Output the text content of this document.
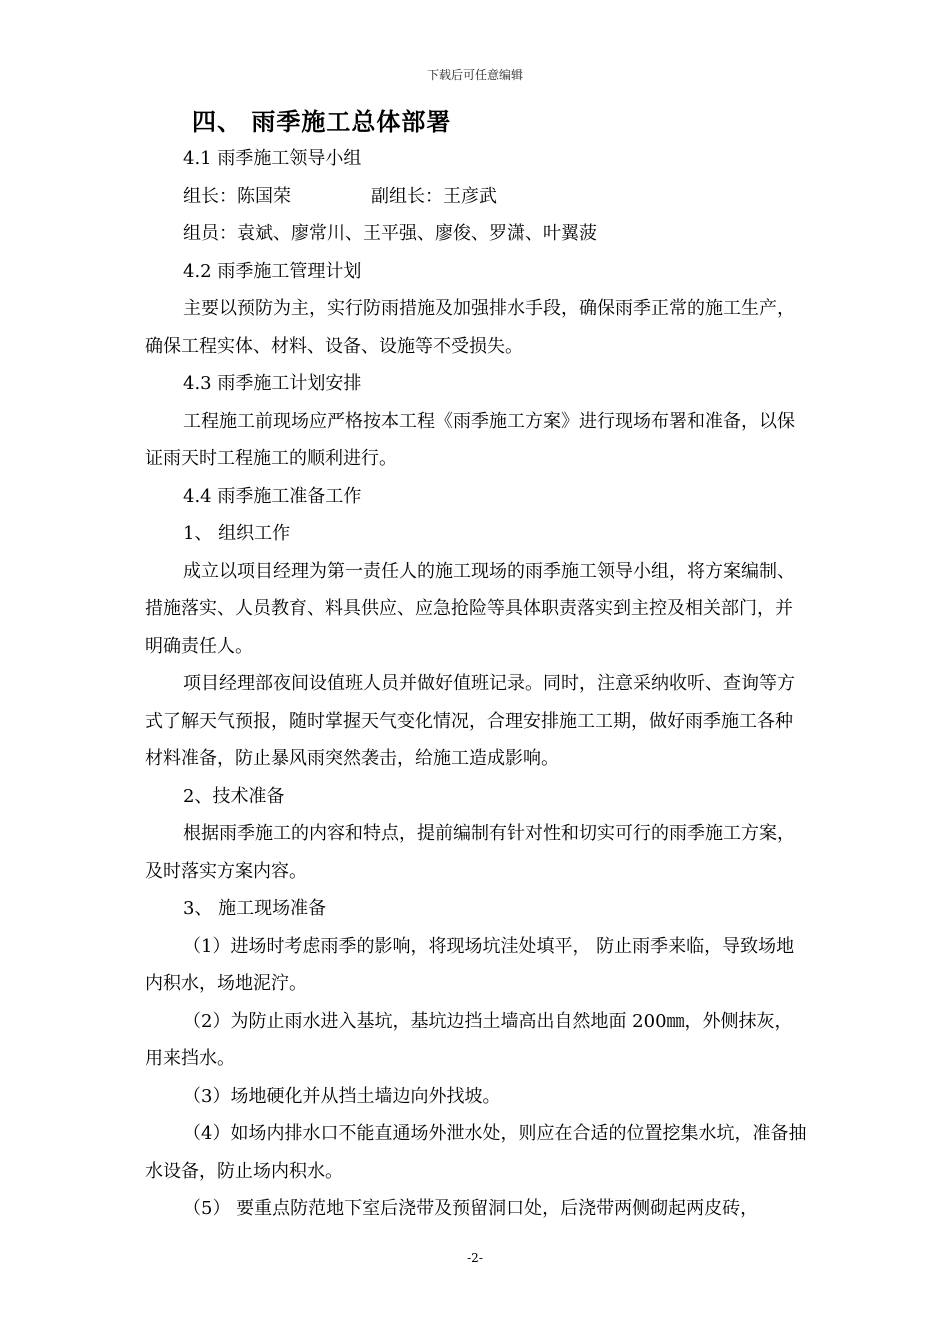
下载后可任意编辑
四、 雨季施工总体部署

4.1 雨季施工领导小组

组长：陈国荣	副组长：王彦武

组员：袁斌、廖常川、王平强、廖俊、罗潇、叶翼菠

4.2 雨季施工管理计划

主要以预防为主，实行防雨措施及加强排水手段，确保雨季正常的施工生产，确保工程实体、材料、设备、设施等不受损失。

4.3 雨季施工计划安排

工程施工前现场应严格按本工程《雨季施工方案》进行现场布署和准备，以保证雨天时工程施工的顺利进行。

4.4 雨季施工准备工作

1、 组织工作

成立以项目经理为第一责任人的施工现场的雨季施工领导小组，将方案编制、措施落实、人员教育、料具供应、应急抢险等具体职责落实到主控及相关部门，并明确责任人。

项目经理部夜间设值班人员并做好值班记录。同时，注意采纳收听、查询等方式了解天气预报，随时掌握天气变化情况，合理安排施工工期，做好雨季施工各种材料准备，防止暴风雨突然袭击，给施工造成影响。

2、技术准备

根据雨季施工的内容和特点，提前编制有针对性和切实可行的雨季施工方案，及时落实方案内容。

3、 施工现场准备

（1）进场时考虑雨季的影响，将现场坑洼处填平， 防止雨季来临，导致场地内积水，场地泥泞。

（2）为防止雨水进入基坑，基坑边挡土墙高出自然地面 200㎜，外侧抹灰，用来挡水。

（3）场地硬化并从挡土墙边向外找坡。

（4）如场内排水口不能直通场外泄水处，则应在合适的位置挖集水坑，准备抽水设备，防止场内积水。

（5） 要重点防范地下室后浇带及预留洞口处，后浇带两侧砌起两皮砖，

-2-
